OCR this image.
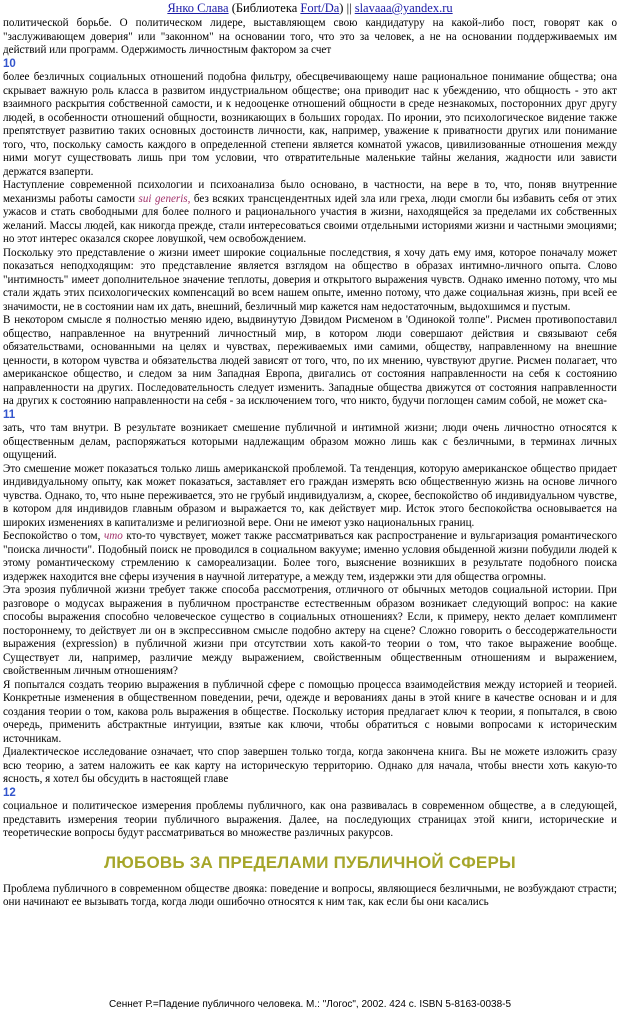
Янко Слава (Библиотека Fort/Da) || slavaaa@yandex.ru

политической борьбе. О политическом лидере, выставляющем свою кандидатуру на какой-либо пост, говорят как о "заслуживающем доверия" или "законном" на основании того, что это за человек, а не на основании поддерживаемых им действий или программ. Одержимость личностным фактором за счет

10

более безличных социальных отношений подобна фильтру, обесцвечивающему наше рациональное понимание общества; она скрывает важную роль класса в развитом индустриальном обществе; она приводит нас к убеждению, что общность - это акт взаимного раскрытия собственной самости, и к недооценке отношений общности в среде незнакомых, посторонних друг другу людей, в особенности отношений общности, возникающих в больших городах. По иронии, это психологическое видение также препятствует развитию таких основных достоинств личности, как, например, уважение к приватности других или понимание того, что, поскольку самость каждого в определенной степени является комнатой ужасов, цивилизованные отношения между ними могут существовать лишь при том условии, что отвратительные маленькие тайны желания, жадности или зависти держатся взаперти.

Наступление современной психологии и психоанализа было основано, в частности, на вере в то, что, поняв внутренние механизмы работы самости sui generis, без всяких трансцендентных идей зла или греха, люди смогли бы избавить себя от этих ужасов и стать свободными для более полного и рационального участия в жизни, находящейся за пределами их собственных желаний. Массы людей, как никогда прежде, стали интересоваться своими отдельными историями жизни и частными эмоциями; но этот интерес оказался скорее ловушкой, чем освобождением.

Поскольку это представление о жизни имеет широкие социальные последствия, я хочу дать ему имя, которое поначалу может показаться неподходящим: это представление является взглядом на общество в образах интимно-личного опыта. Слово "интимность" имеет дополнительное значение теплоты, доверия и открытого выражения чувств. Однако именно потому, что мы стали ждать этих психологических компенсаций во всем нашем опыте, именно потому, что даже социальная жизнь, при всей ее значимости, не в состоянии нам их дать, внешний, безличный мир кажется нам недостаточным, выдохшимся и пустым.

В некотором смысле я полностью меняю идею, выдвинутую Дэвидом Рисменом в 'Одинокой толпе". Рисмен противопоставил общество, направленное на внутренний личностный мир, в котором люди совершают действия и связывают себя обязательствами, основанными на целях и чувствах, переживаемых ими самими, обществу, направленному на внешние ценности, в котором чувства и обязательства людей зависят от того, что, по их мнению, чувствуют другие. Рисмен полагает, что американское общество, и следом за ним Западная Европа, двигались от состояния направленности на себя к состоянию направленности на других. Последовательность следует изменить. Западные общества движутся от состояния направленности на других к состоянию направленности на себя - за исключением того, что никто, будучи поглощен самим собой, не может ска-

11

зать, что там внутри. В результате возникает смешение публичной и интимной жизни; люди очень личностно относятся к общественным делам, распоряжаться которыми надлежащим образом можно лишь как с безличными, в терминах личных ощущений.

Это смешение может показаться только лишь американской проблемой. Та тенденция, которую американское общество придает индивидуальному опыту, как может показаться, заставляет его граждан измерять всю общественную жизнь на основе личного чувства. Однако, то, что ныне переживается, это не грубый индивидуализм, а, скорее, беспокойство об индивидуальном чувстве, в котором для индивидов главным образом и выражается то, как действует мир. Исток этого беспокойства основывается на широких изменениях в капитализме и религиозной вере. Они не имеют узко национальных границ.

Беспокойство о том, что кто-то чувствует, может также рассматриваться как распространение и вульгаризация романтического "поиска личности". Подобный поиск не проводился в социальном вакууме; именно условия обыденной жизни побудили людей к этому романтическому стремлению к самореализации. Более того, выяснение возникших в результате подобного поиска издержек находится вне сферы изучения в научной литературе, а между тем, издержки эти для общества огромны.

Эта эрозия публичной жизни требует также способа рассмотрения, отличного от обычных методов социальной истории. При разговоре о модусах выражения в публичном пространстве естественным образом возникает следующий вопрос: на какие способы выражения способно человеческое существо в социальных отношениях? Если, к примеру, некто делает комплимент постороннему, то действует ли он в экспрессивном смысле подобно актеру на сцене? Сложно говорить о бессодержательности выражения (expression) в публичной жизни при отсутствии хоть какой-то теории о том, что такое выражение вообще. Существует ли, например, различие между выражением, свойственным общественным отношениям и выражением, свойственным личным отношениям?

Я попытался создать теорию выражения в публичной сфере с помощью процесса взаимодействия между историей и теорией. Конкретные изменения в общественном поведении, речи, одежде и верованиях даны в этой книге в качестве основан и и для создания теории о том, какова роль выражения в обществе. Поскольку история предлагает ключ к теории, я попытался, в свою очередь, применить абстрактные интуиции, взятые как ключи, чтобы обратиться с новыми вопросами к историческим источникам.

Диалектическое исследование означает, что спор завершен только тогда, когда закончена книга. Вы не можете изложить сразу всю теорию, а затем наложить ее как карту на историческую территорию. Однако для начала, чтобы внести хоть какую-то ясность, я хотел бы обсудить в настоящей главе

12

социальное и политическое измерения проблемы публичного, как она развивалась в современном обществе, а в следующей, представить измерения теории публичного выражения. Далее, на последующих страницах этой книги, исторические и теоретические вопросы будут рассматриваться во множестве различных ракурсов.

ЛЮБОВЬ ЗА ПРЕДЕЛАМИ ПУБЛИЧНОЙ СФЕРЫ

Проблема публичного в современном обществе двояка: поведение и вопросы, являющиеся безличными, не возбуждают страсти; они начинают ее вызывать тогда, когда люди ошибочно относятся к ним так, как если бы они касались

Сеннет Р.=Падение публичного человека. М.: "Логос", 2002. 424 с. ISBN 5-8163-0038-5
